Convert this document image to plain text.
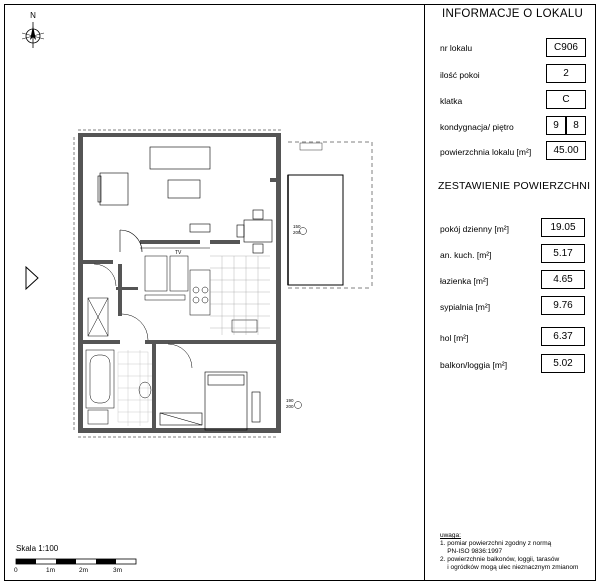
N
150
200
190
200
TV
INFORMACJE O LOKALU
nr lokalu	C906
ilość pokoi	2
klatka	C
kondygnacja/ piętro	9	8
powierzchnia lokalu [m²]	45.00
ZESTAWIENIE POWIERZCHNI
pokój dzienny [m²]	19.05
an. kuch. [m²]	5.17
łazienka [m²]	4.65
sypialnia [m²]	9.76
hol [m²]	6.37
balkon/loggia [m²]	5.02
uwaga:
1. pomiar powierzchni zgodny z normą
PN-ISO 9836:1997
2. powierzchnie balkonów, loggii, tarasów
i ogródków mogą ulec nieznacznym zmianom
Skala 1:100
0	1m	2m	3m
